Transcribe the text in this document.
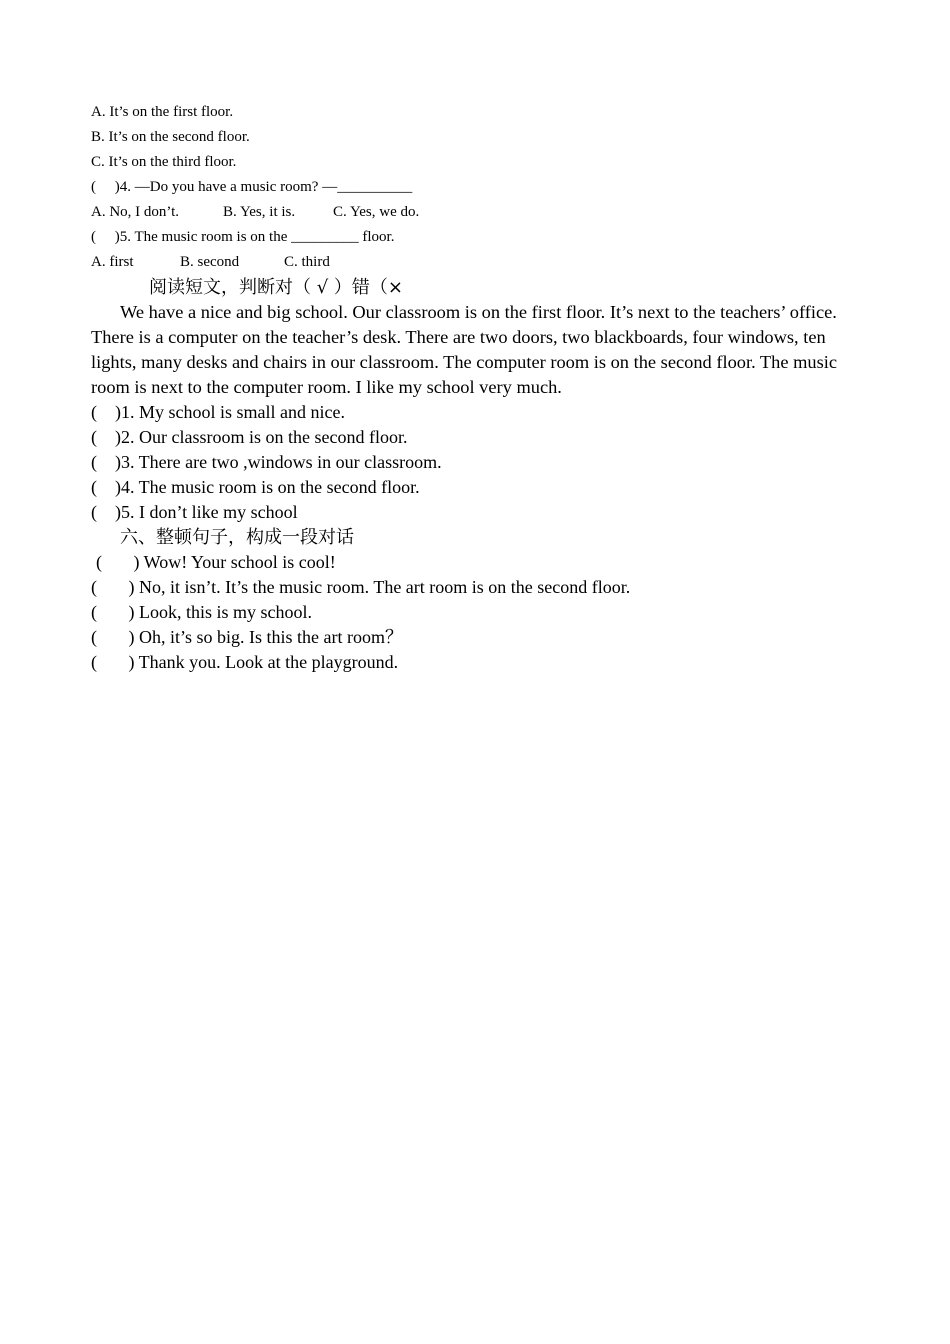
A. It’s on the first floor.
B. It’s on the second floor.
C. It’s on the third floor.
(     )4. —Do you have a music room? —__________
A. No, I don’t.	B. Yes, it is.	C. Yes, we do.
(     )5. The music room is on the _________ floor.
A. first	B. second	C. third
阅读短文，判断对（ √ ）错（×

We have a nice and big school. Our classroom is on the first floor. It’s next to the teachers’ office. There is a computer on the teacher’s desk. There are two doors, two blackboards, four windows, ten lights, many desks and chairs in our classroom. The computer room is on the second floor. The music room is next to the computer room. I like my school very much.

(    )1. My school is small and nice.
(    )2. Our classroom is on the second floor.
(    )3. There are two ,windows in our classroom.
(    )4. The music room is on the second floor.
(    )5. I don’t like my school
六、整顿句子，构成一段对话
(       ) Wow! Your school is cool!
(       ) No, it isn’t. It’s the music room. The art room is on the second floor.
(       ) Look, this is my school.
(       ) Oh, it’s so big. Is this the art room？
(       ) Thank you. Look at the playground.
